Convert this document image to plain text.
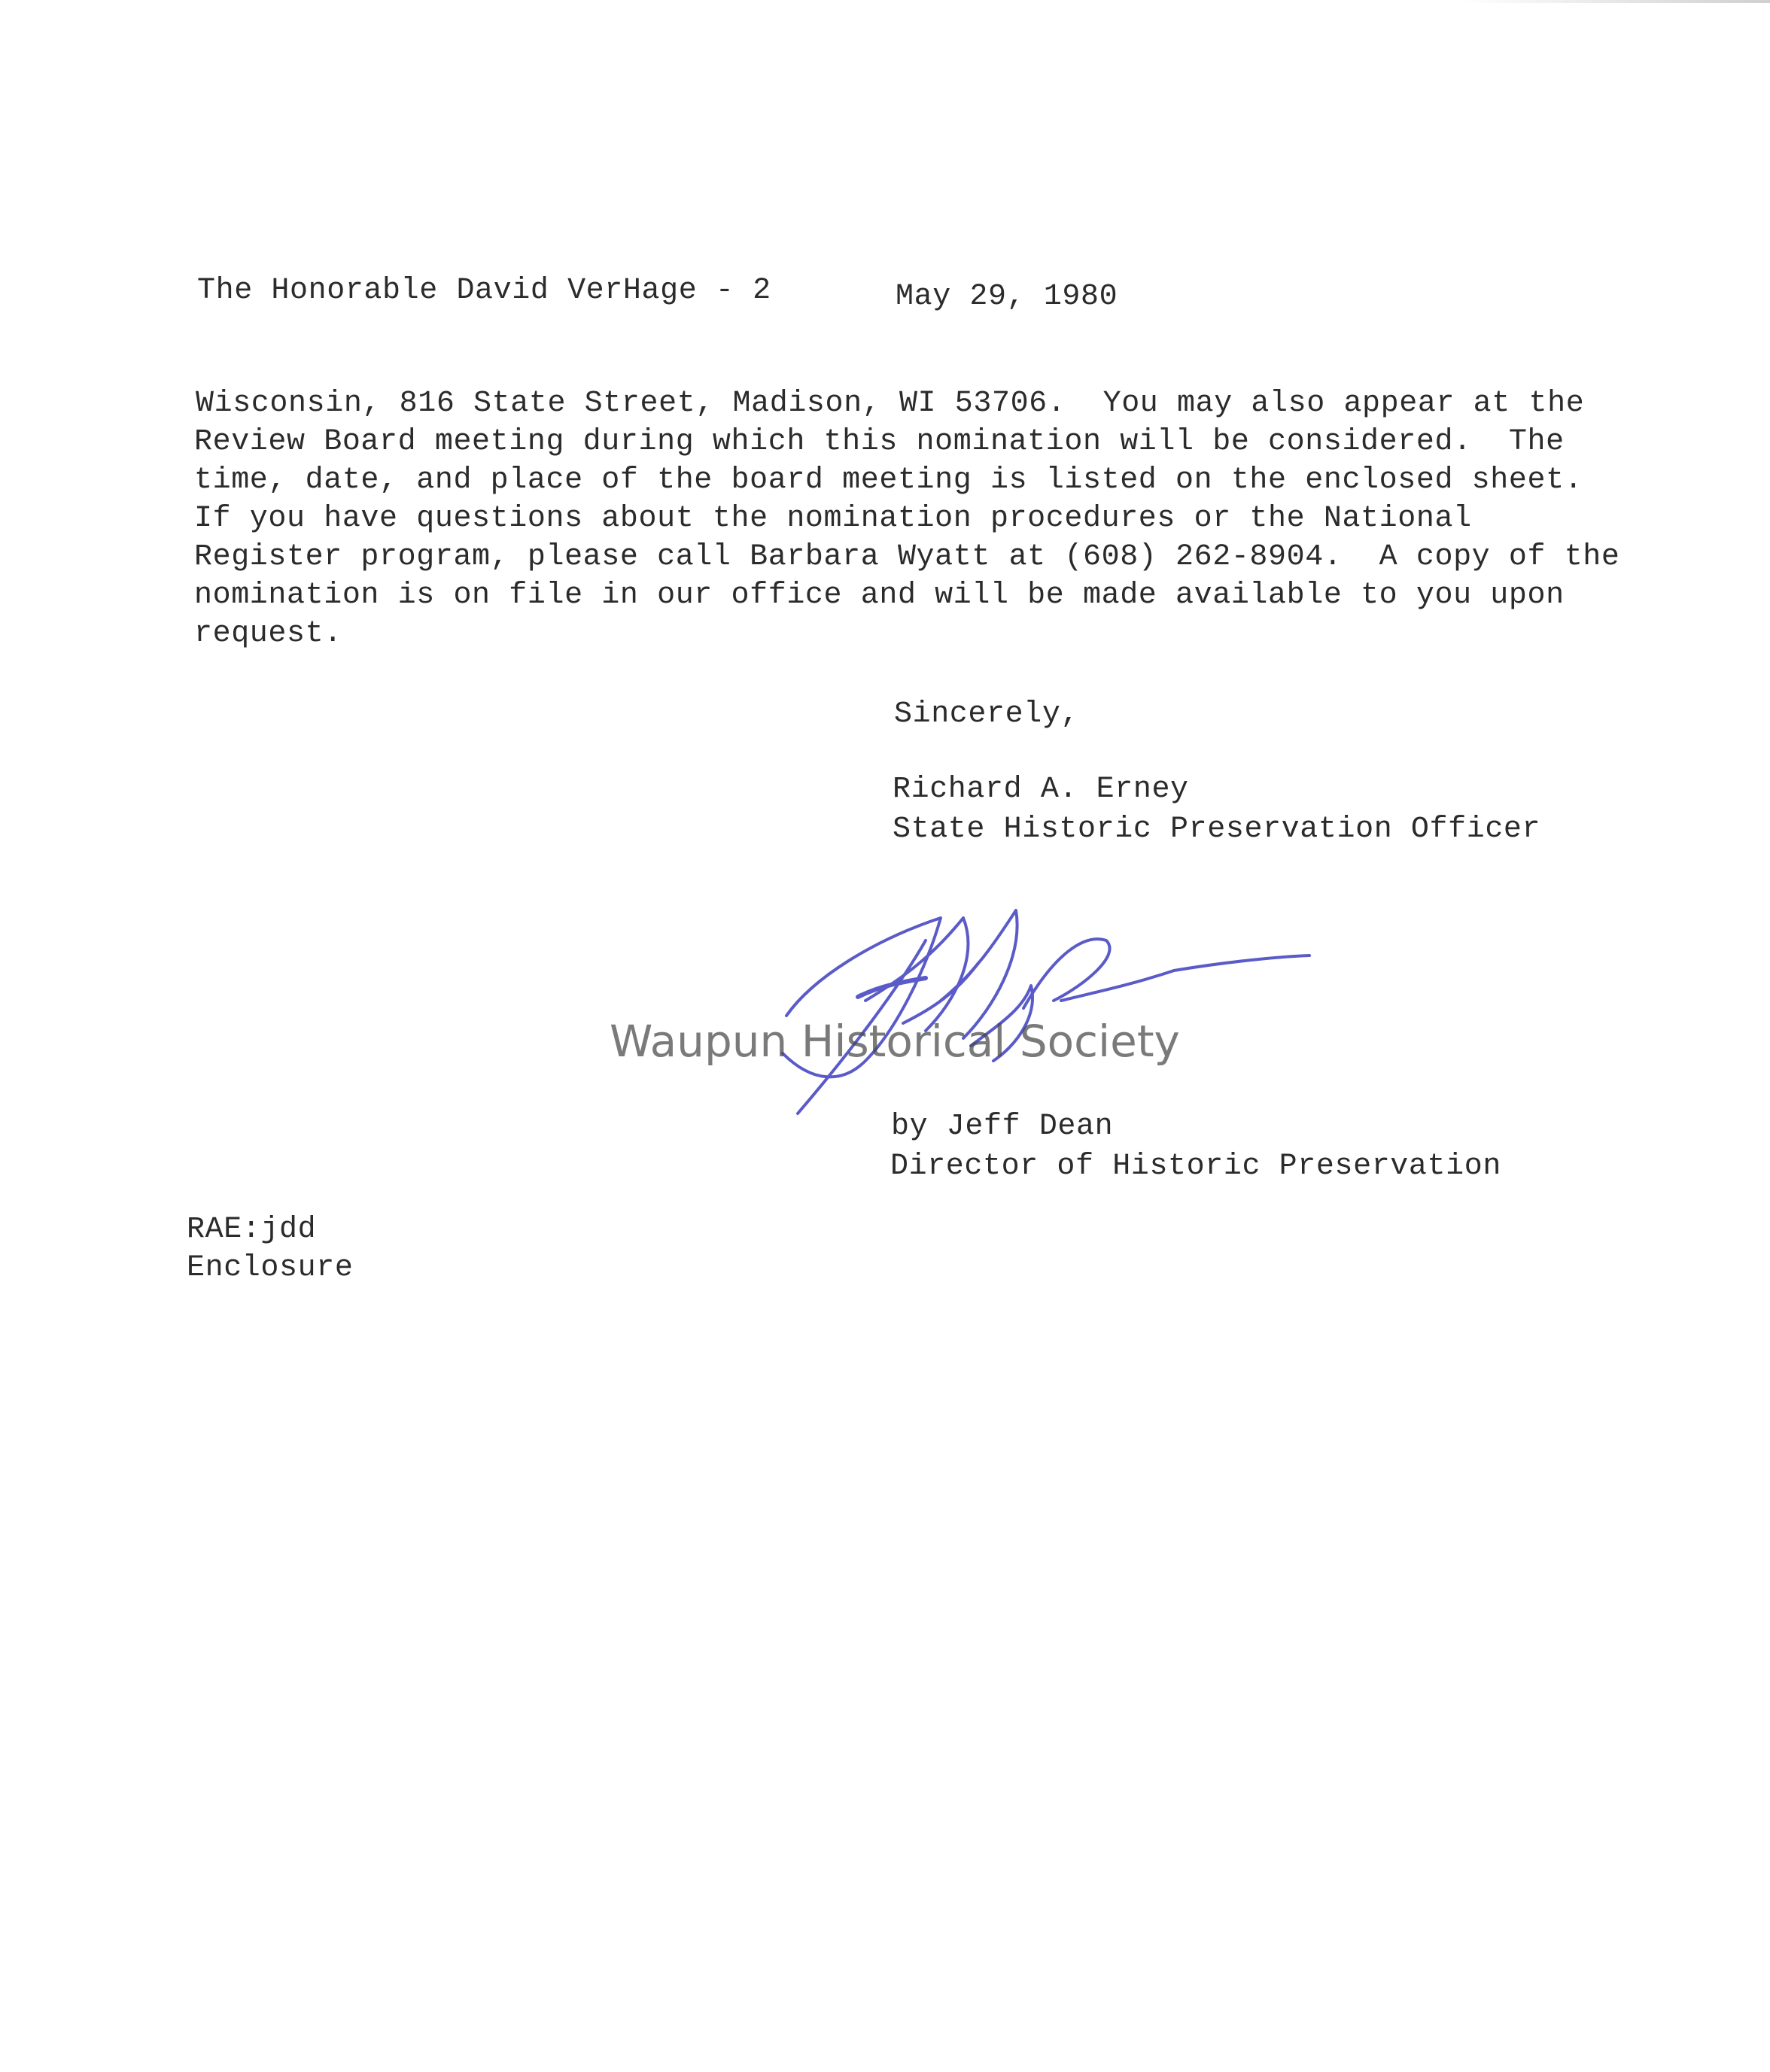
The Honorable David VerHage - 2	May 29, 1980
Wisconsin, 816 State Street, Madison, WI 53706.  You may also appear at the
Review Board meeting during which this nomination will be considered.  The
time, date, and place of the board meeting is listed on the enclosed sheet.
If you have questions about the nomination procedures or the National
Register program, please call Barbara Wyatt at (608) 262-8904.  A copy of the
nomination is on file in our office and will be made available to you upon
request.
Sincerely,
Richard A. Erney
State Historic Preservation Officer
Waupun Historical Society
by Jeff Dean
Director of Historic Preservation
RAE:jdd
Enclosure
